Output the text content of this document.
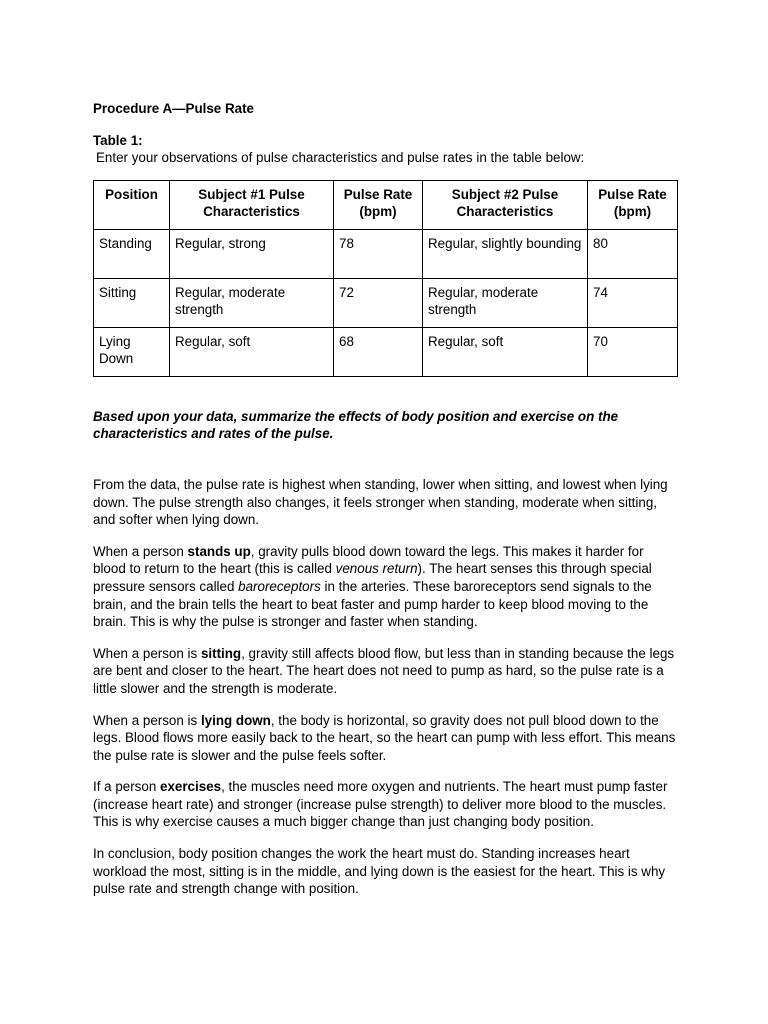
Procedure A—Pulse Rate

Table 1:

Enter your observations of pulse characteristics and pulse rates in the table below:

Position	Subject #1 Pulse Characteristics	Pulse Rate (bpm)	Subject #2 Pulse Characteristics	Pulse Rate (bpm)
Standing	Regular, strong	78	Regular, slightly bounding	80
Sitting	Regular, moderate strength	72	Regular, moderate strength	74
Lying Down	Regular, soft	68	Regular, soft	70

Based upon your data, summarize the effects of body position and exercise on the characteristics and rates of the pulse.

From the data, the pulse rate is highest when standing, lower when sitting, and lowest when lying down. The pulse strength also changes, it feels stronger when standing, moderate when sitting, and softer when lying down.

When a person stands up, gravity pulls blood down toward the legs. This makes it harder for blood to return to the heart (this is called venous return). The heart senses this through special pressure sensors called baroreceptors in the arteries. These baroreceptors send signals to the brain, and the brain tells the heart to beat faster and pump harder to keep blood moving to the brain. This is why the pulse is stronger and faster when standing.

When a person is sitting, gravity still affects blood flow, but less than in standing because the legs are bent and closer to the heart. The heart does not need to pump as hard, so the pulse rate is a little slower and the strength is moderate.

When a person is lying down, the body is horizontal, so gravity does not pull blood down to the legs. Blood flows more easily back to the heart, so the heart can pump with less effort. This means the pulse rate is slower and the pulse feels softer.

If a person exercises, the muscles need more oxygen and nutrients. The heart must pump faster (increase heart rate) and stronger (increase pulse strength) to deliver more blood to the muscles. This is why exercise causes a much bigger change than just changing body position.

In conclusion, body position changes the work the heart must do. Standing increases heart workload the most, sitting is in the middle, and lying down is the easiest for the heart. This is why pulse rate and strength change with position.
